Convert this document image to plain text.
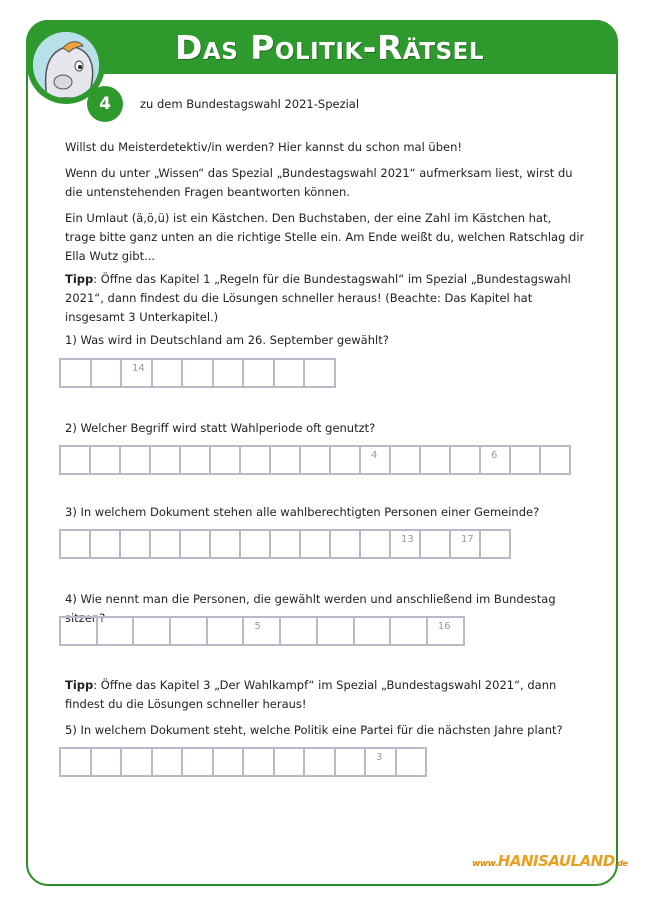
Das Politik-Rätsel
4	zu dem Bundestagswahl 2021-Spezial
Willst du Meisterdetektiv/in werden? Hier kannst du schon mal üben!
Wenn du unter „Wissen“ das Spezial „Bundestagswahl 2021“ aufmerksam liest, wirst du die untenstehenden Fragen beantworten können.
Ein Umlaut (ä,ö,ü) ist ein Kästchen. Den Buchstaben, der eine Zahl im Kästchen hat, trage bitte ganz unten an die richtige Stelle ein. Am Ende weißt du, welchen Ratschlag dir Ella Wutz gibt...
Tipp: Öffne das Kapitel 1 „Regeln für die Bundestagswahl“ im Spezial „Bundestagswahl 2021“, dann findest du die Lösungen schneller heraus! (Beachte: Das Kapitel hat insgesamt 3 Unterkapitel.)
1) Was wird in Deutschland am 26. September gewählt?
14
2) Welcher Begriff wird statt Wahlperiode oft genutzt?
4	6
3) In welchem Dokument stehen alle wahlberechtigten Personen einer Gemeinde?
13	17
4) Wie nennt man die Personen, die gewählt werden und anschließend im Bundestag sitzen?
5	16
Tipp: Öffne das Kapitel 3 „Der Wahlkampf“ im Spezial „Bundestagswahl 2021“, dann findest du die Lösungen schneller heraus!
5) In welchem Dokument steht, welche Politik eine Partei für die nächsten Jahre plant?
3
www.HANISAULAND.de
